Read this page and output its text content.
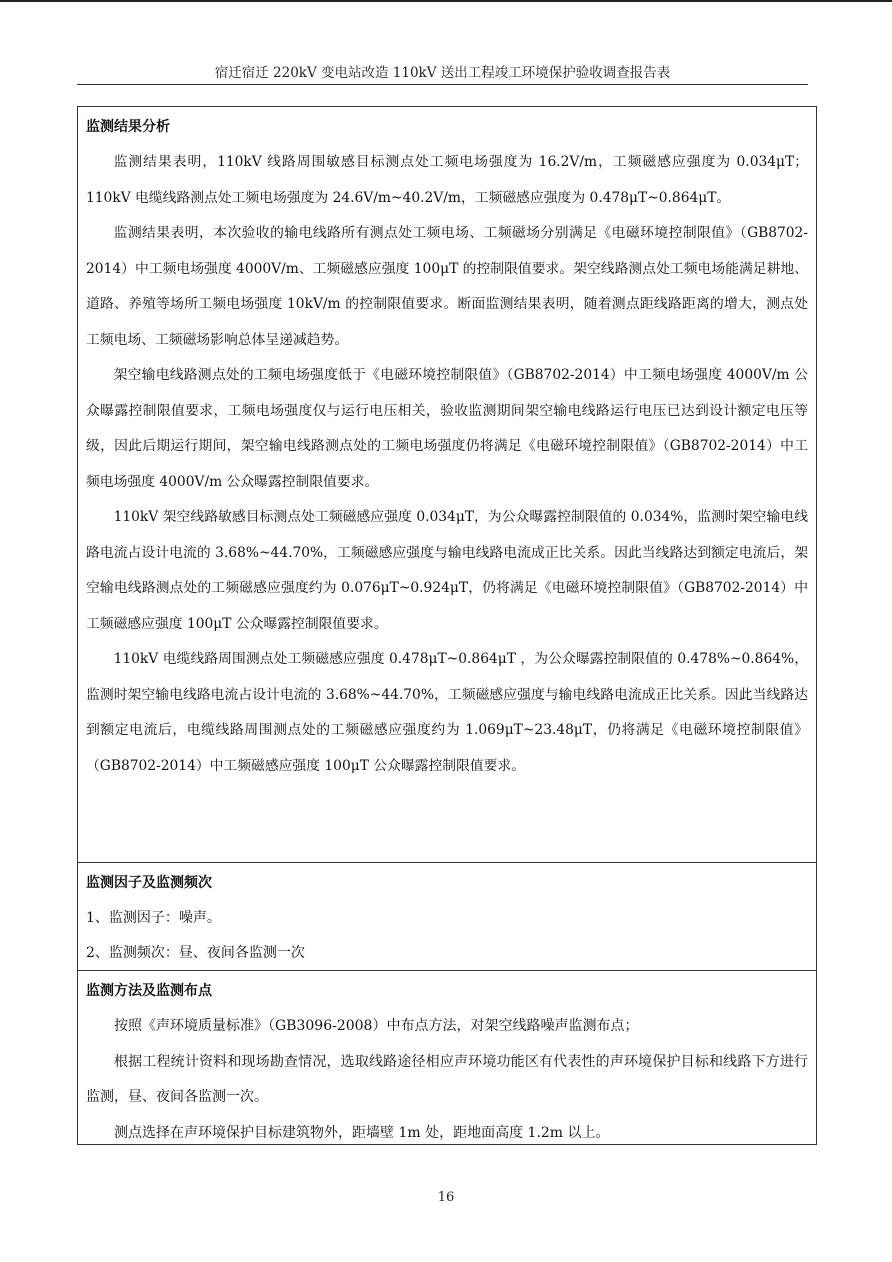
宿迁宿迁 220kV 变电站改造 110kV 送出工程竣工环境保护验收调查报告表
监测结果分析

监测结果表明，110kV 线路周围敏感目标测点处工频电场强度为 16.2V/m，工频磁感应强度为 0.034μT；110kV 电缆线路测点处工频电场强度为 24.6V/m~40.2V/m，工频磁感应强度为 0.478μT~0.864μT。

监测结果表明，本次验收的输电线路所有测点处工频电场、工频磁场分别满足《电磁环境控制限值》（GB8702-2014）中工频电场强度 4000V/m、工频磁感应强度 100μT 的控制限值要求。架空线路测点处工频电场能满足耕地、道路、养殖等场所工频电场强度 10kV/m 的控制限值要求。断面监测结果表明，随着测点距线路距离的增大，测点处工频电场、工频磁场影响总体呈递减趋势。

架空输电线路测点处的工频电场强度低于《电磁环境控制限值》（GB8702-2014）中工频电场强度 4000V/m 公众曝露控制限值要求，工频电场强度仅与运行电压相关，验收监测期间架空输电线路运行电压已达到设计额定电压等级，因此后期运行期间，架空输电线路测点处的工频电场强度仍将满足《电磁环境控制限值》（GB8702-2014）中工频电场强度 4000V/m 公众曝露控制限值要求。

110kV 架空线路敏感目标测点处工频磁感应强度 0.034μT，为公众曝露控制限值的 0.034%，监测时架空输电线路电流占设计电流的 3.68%~44.70%，工频磁感应强度与输电线路电流成正比关系。因此当线路达到额定电流后，架空输电线路测点处的工频磁感应强度约为 0.076μT~0.924μT，仍将满足《电磁环境控制限值》（GB8702-2014）中工频磁感应强度 100μT 公众曝露控制限值要求。

110kV 电缆线路周围测点处工频磁感应强度 0.478μT~0.864μT ，为公众曝露控制限值的 0.478%~0.864%，监测时架空输电线路电流占设计电流的 3.68%~44.70%，工频磁感应强度与输电线路电流成正比关系。因此当线路达到额定电流后，电缆线路周围测点处的工频磁感应强度约为 1.069μT~23.48μT，仍将满足《电磁环境控制限值》（GB8702-2014）中工频磁感应强度 100μT 公众曝露控制限值要求。

监测因子及监测频次

1、监测因子：噪声。

2、监测频次：昼、夜间各监测一次

监测方法及监测布点

按照《声环境质量标准》（GB3096-2008）中布点方法，对架空线路噪声监测布点；

根据工程统计资料和现场勘查情况，选取线路途径相应声环境功能区有代表性的声环境保护目标和线路下方进行监测，昼、夜间各监测一次。

测点选择在声环境保护目标建筑物外，距墙壁 1m 处，距地面高度 1.2m 以上。

16
